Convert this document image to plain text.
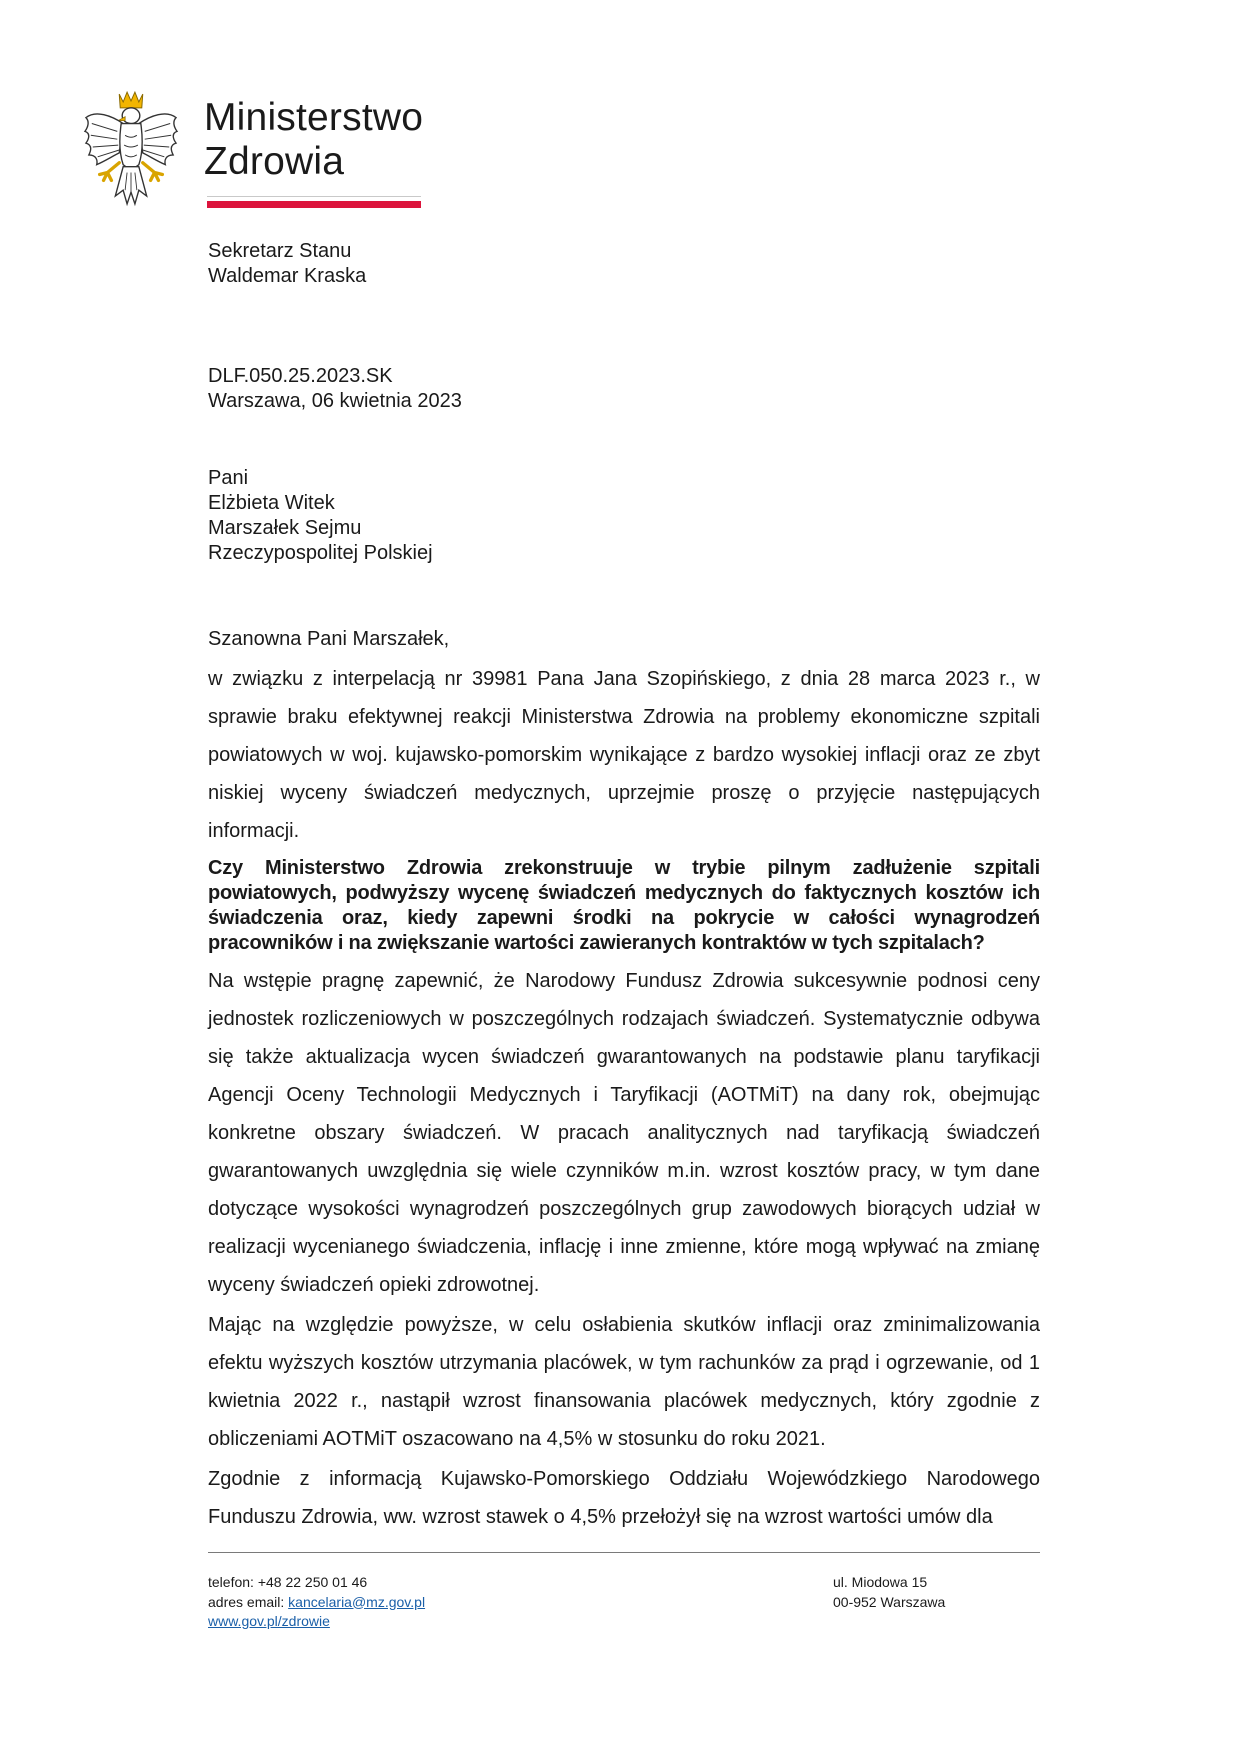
Ministerstwo
Zdrowia
Sekretarz Stanu
Waldemar Kraska
DLF.050.25.2023.SK
Warszawa, 06 kwietnia 2023
Pani
Elżbieta Witek
Marszałek Sejmu
Rzeczypospolitej Polskiej

Szanowna Pani Marszałek,

w związku z interpelacją nr 39981 Pana Jana Szopińskiego, z dnia 28 marca 2023 r., w sprawie braku efektywnej reakcji Ministerstwa Zdrowia na problemy ekonomiczne szpitali powiatowych w woj. kujawsko-pomorskim wynikające z bardzo wysokiej inflacji oraz ze zbyt niskiej wyceny świadczeń medycznych, uprzejmie proszę o przyjęcie następujących informacji.

Czy Ministerstwo Zdrowia zrekonstruuje w trybie pilnym zadłużenie szpitali powiatowych, podwyższy wycenę świadczeń medycznych do faktycznych kosztów ich świadczenia oraz, kiedy zapewni środki na pokrycie w całości wynagrodzeń pracowników i na zwiększanie wartości zawieranych kontraktów w tych szpitalach?

Na wstępie pragnę zapewnić, że Narodowy Fundusz Zdrowia sukcesywnie podnosi ceny jednostek rozliczeniowych w poszczególnych rodzajach świadczeń. Systematycznie odbywa się także aktualizacja wycen świadczeń gwarantowanych na podstawie planu taryfikacji Agencji Oceny Technologii Medycznych i Taryfikacji (AOTMiT) na dany rok, obejmując konkretne obszary świadczeń. W pracach analitycznych nad taryfikacją świadczeń gwarantowanych uwzględnia się wiele czynników m.in. wzrost kosztów pracy, w tym dane dotyczące wysokości wynagrodzeń poszczególnych grup zawodowych biorących udział w realizacji wycenianego świadczenia, inflację i inne zmienne, które mogą wpływać na zmianę wyceny świadczeń opieki zdrowotnej.

Mając na względzie powyższe, w celu osłabienia skutków inflacji oraz zminimalizowania efektu wyższych kosztów utrzymania placówek, w tym rachunków za prąd i ogrzewanie, od 1 kwietnia 2022 r., nastąpił wzrost finansowania placówek medycznych, który zgodnie z obliczeniami AOTMiT oszacowano na 4,5% w stosunku do roku 2021.

Zgodnie z informacją Kujawsko-Pomorskiego Oddziału Wojewódzkiego Narodowego Funduszu Zdrowia, ww. wzrost stawek o 4,5% przełożył się na wzrost wartości umów dla

telefon: +48 22 250 01 46
adres email: kancelaria@mz.gov.pl
www.gov.pl/zdrowie
ul. Miodowa 15
00-952 Warszawa
